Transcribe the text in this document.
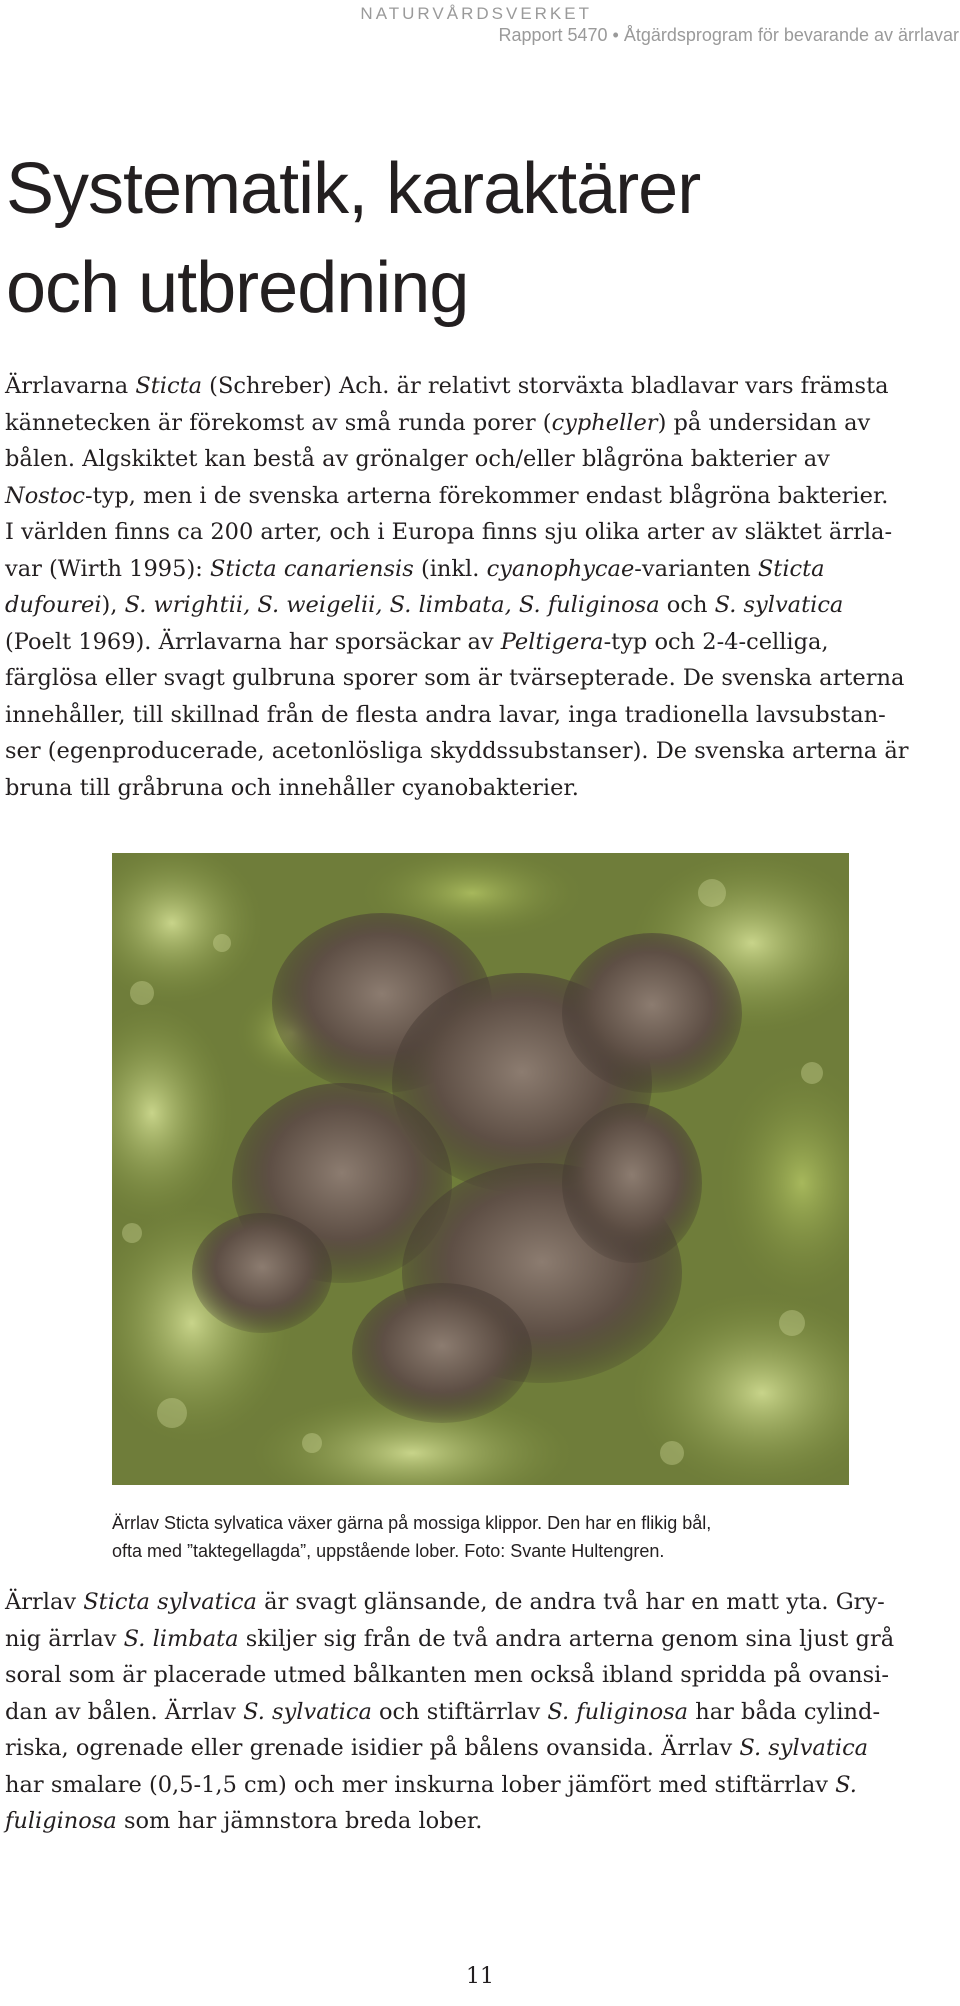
NATURVÅRDSVERKET
Rapport 5470 • Åtgärdsprogram för bevarande av ärrlavar
Systematik, karaktärer
och utbredning
Ärrlavarna Sticta (Schreber) Ach. är relativt storväxta bladlavar vars främsta
kännetecken är förekomst av små runda porer (cypheller) på undersidan av
bålen. Algskiktet kan bestå av grönalger och/eller blågröna bakterier av
Nostoc-typ, men i de svenska arterna förekommer endast blågröna bakterier.
I världen finns ca 200 arter, och i Europa finns sju olika arter av släktet ärrla-
var (Wirth 1995): Sticta canariensis (inkl. cyanophycae-varianten Sticta
dufourei), S. wrightii, S. weigelii, S. limbata, S. fuliginosa och S. sylvatica
(Poelt 1969). Ärrlavarna har sporsäckar av Peltigera-typ och 2-4-celliga,
färglösa eller svagt gulbruna sporer som är tvärsepterade. De svenska arterna
innehåller, till skillnad från de flesta andra lavar, inga tradionella lavsubstan-
ser (egenproducerade, acetonlösliga skyddssubstanser). De svenska arterna är
bruna till gråbruna och innehåller cyanobakterier.
Ärrlav Sticta sylvatica växer gärna på mossiga klippor. Den har en flikig bål,
ofta med ”taktegellagda”, uppstående lober. Foto: Svante Hultengren.
Ärrlav Sticta sylvatica är svagt glänsande, de andra två har en matt yta. Gry-
nig ärrlav S. limbata skiljer sig från de två andra arterna genom sina ljust grå
soral som är placerade utmed bålkanten men också ibland spridda på ovansi-
dan av bålen. Ärrlav S. sylvatica och stiftärrlav S. fuliginosa har båda cylind-
riska, ogrenade eller grenade isidier på bålens ovansida. Ärrlav S. sylvatica
har smalare (0,5-1,5 cm) och mer inskurna lober jämfört med stiftärrlav S.
fuliginosa som har jämnstora breda lober.
11
